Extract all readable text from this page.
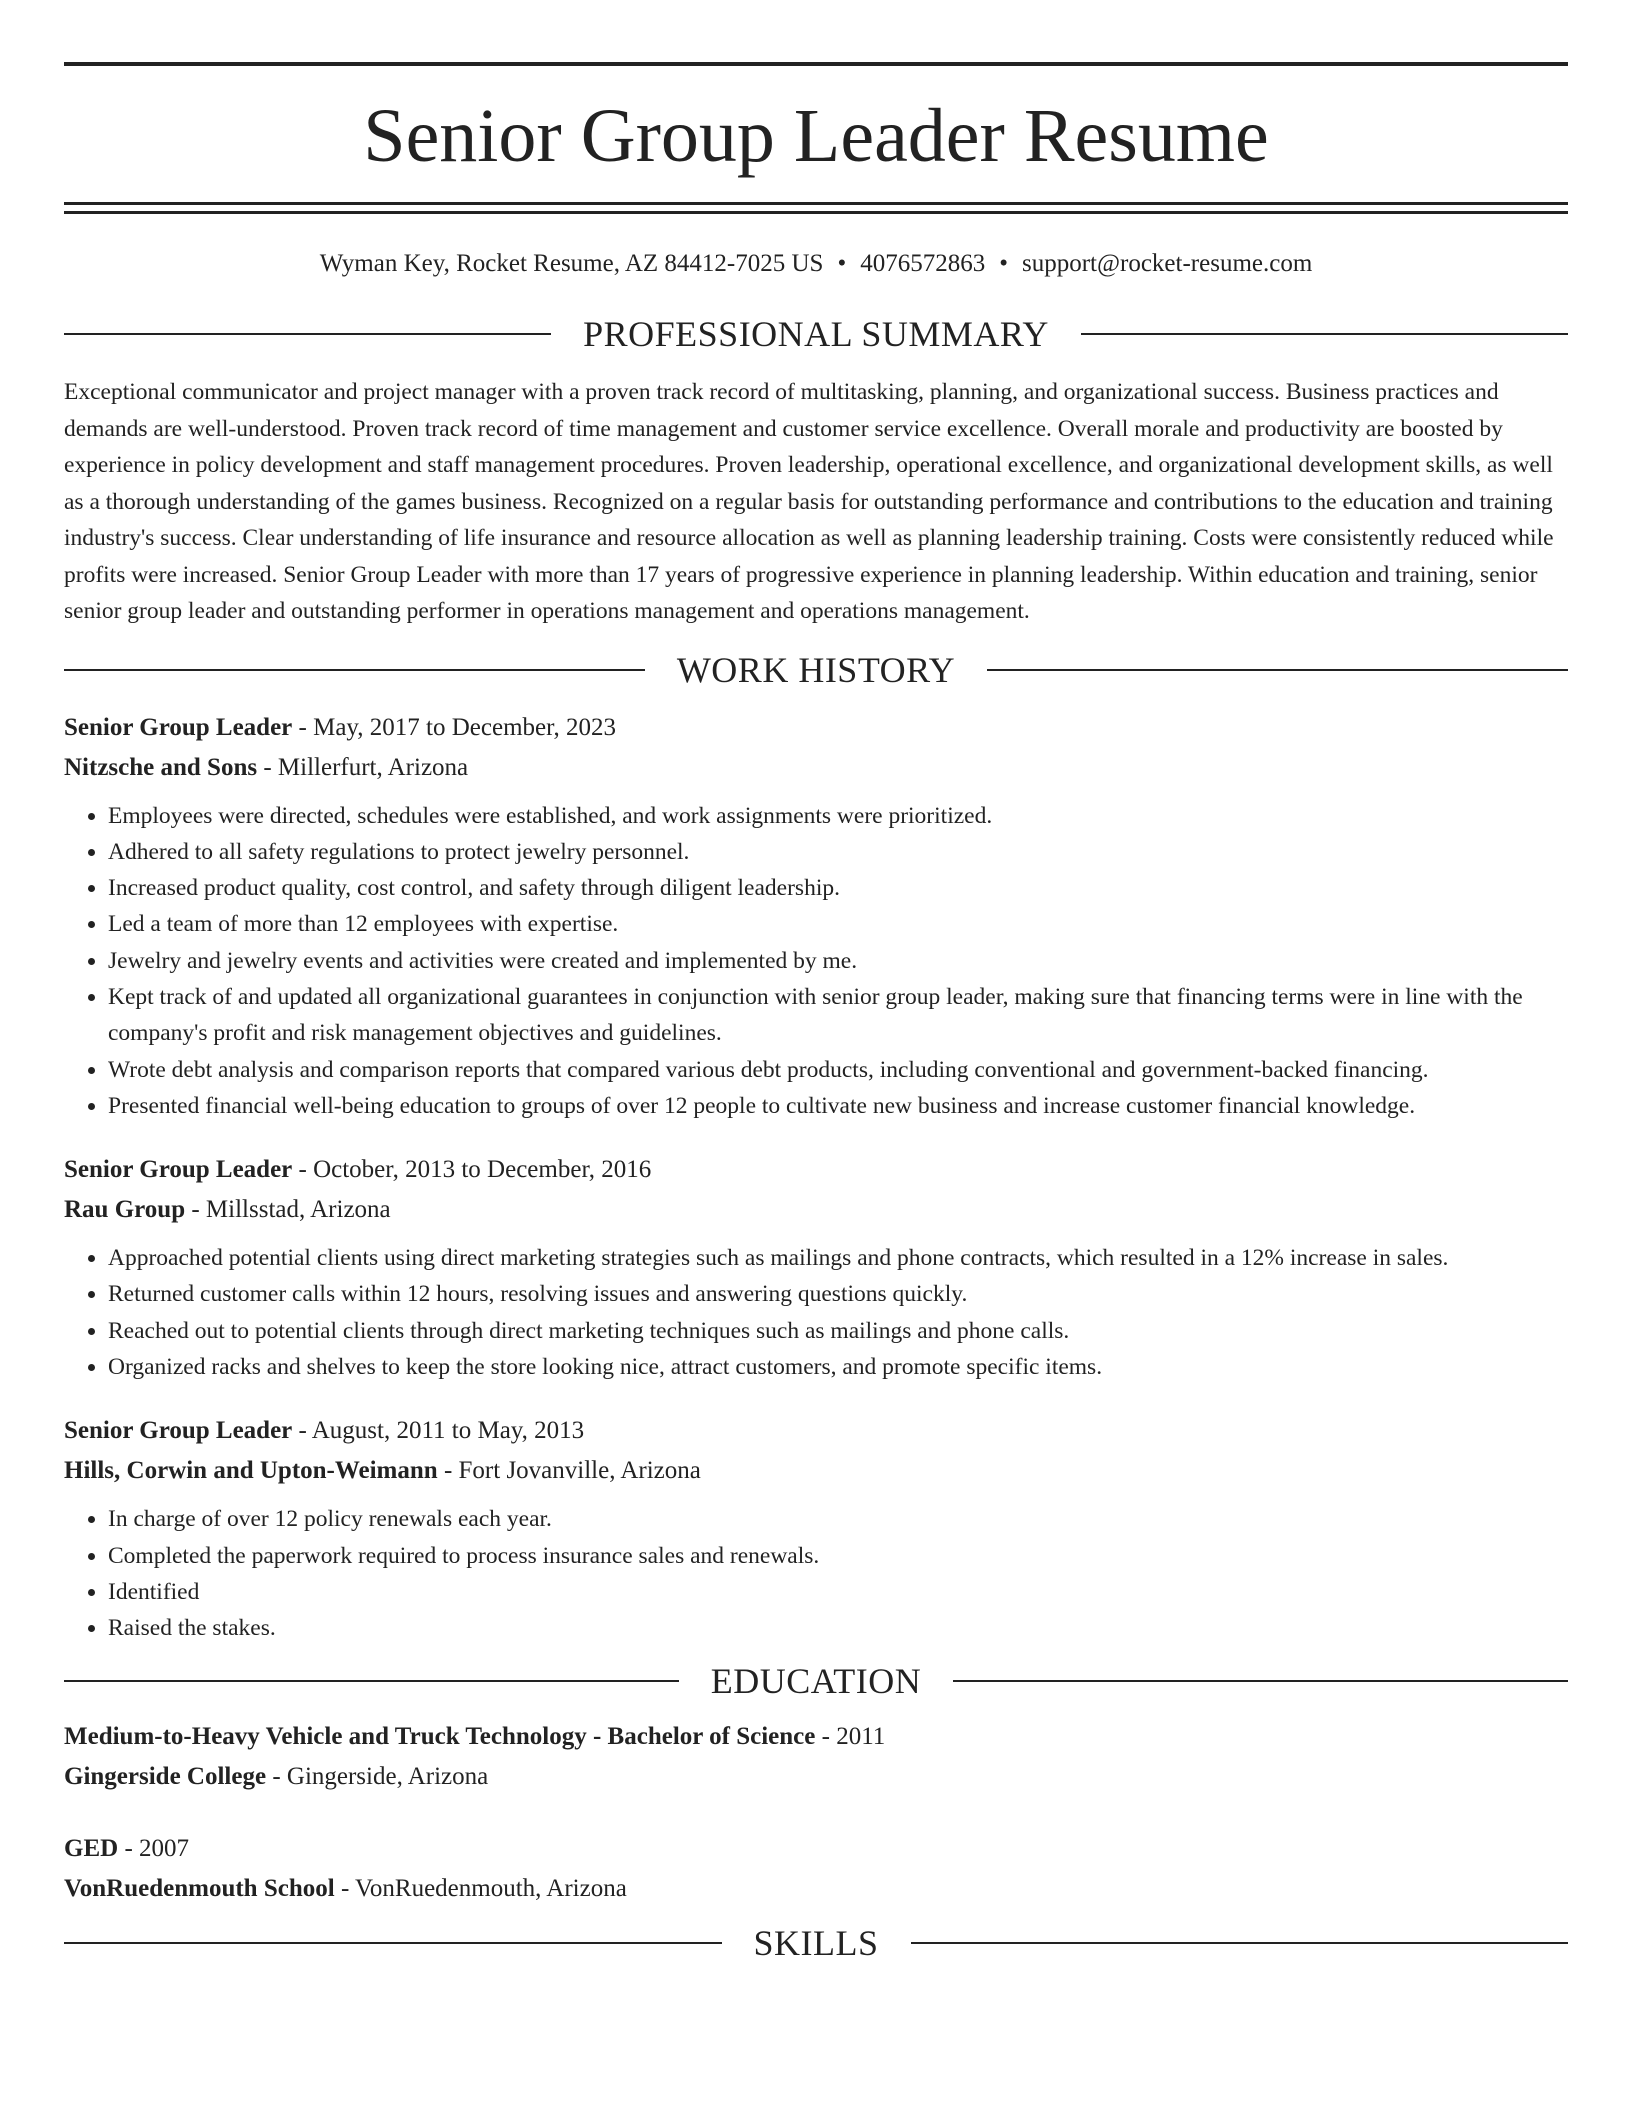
Senior Group Leader Resume
Wyman Key, Rocket Resume, AZ 84412-7025 US • 4076572863 • support@rocket-resume.com
PROFESSIONAL SUMMARY
Exceptional communicator and project manager with a proven track record of multitasking, planning, and organizational success. Business practices and demands are well-understood. Proven track record of time management and customer service excellence. Overall morale and productivity are boosted by experience in policy development and staff management procedures. Proven leadership, operational excellence, and organizational development skills, as well as a thorough understanding of the games business. Recognized on a regular basis for outstanding performance and contributions to the education and training industry's success. Clear understanding of life insurance and resource allocation as well as planning leadership training. Costs were consistently reduced while profits were increased. Senior Group Leader with more than 17 years of progressive experience in planning leadership. Within education and training, senior senior group leader and outstanding performer in operations management and operations management.
WORK HISTORY
Senior Group Leader - May, 2017 to December, 2023
Nitzsche and Sons - Millerfurt, Arizona
• Employees were directed, schedules were established, and work assignments were prioritized.
• Adhered to all safety regulations to protect jewelry personnel.
• Increased product quality, cost control, and safety through diligent leadership.
• Led a team of more than 12 employees with expertise.
• Jewelry and jewelry events and activities were created and implemented by me.
• Kept track of and updated all organizational guarantees in conjunction with senior group leader, making sure that financing terms were in line with the company's profit and risk management objectives and guidelines.
• Wrote debt analysis and comparison reports that compared various debt products, including conventional and government-backed financing.
• Presented financial well-being education to groups of over 12 people to cultivate new business and increase customer financial knowledge.
Senior Group Leader - October, 2013 to December, 2016
Rau Group - Millsstad, Arizona
• Approached potential clients using direct marketing strategies such as mailings and phone contracts, which resulted in a 12% increase in sales.
• Returned customer calls within 12 hours, resolving issues and answering questions quickly.
• Reached out to potential clients through direct marketing techniques such as mailings and phone calls.
• Organized racks and shelves to keep the store looking nice, attract customers, and promote specific items.
Senior Group Leader - August, 2011 to May, 2013
Hills, Corwin and Upton-Weimann - Fort Jovanville, Arizona
• In charge of over 12 policy renewals each year.
• Completed the paperwork required to process insurance sales and renewals.
• Identified
• Raised the stakes.
EDUCATION
Medium-to-Heavy Vehicle and Truck Technology - Bachelor of Science - 2011
Gingerside College - Gingerside, Arizona
GED - 2007
VonRuedenmouth School - VonRuedenmouth, Arizona
SKILLS
